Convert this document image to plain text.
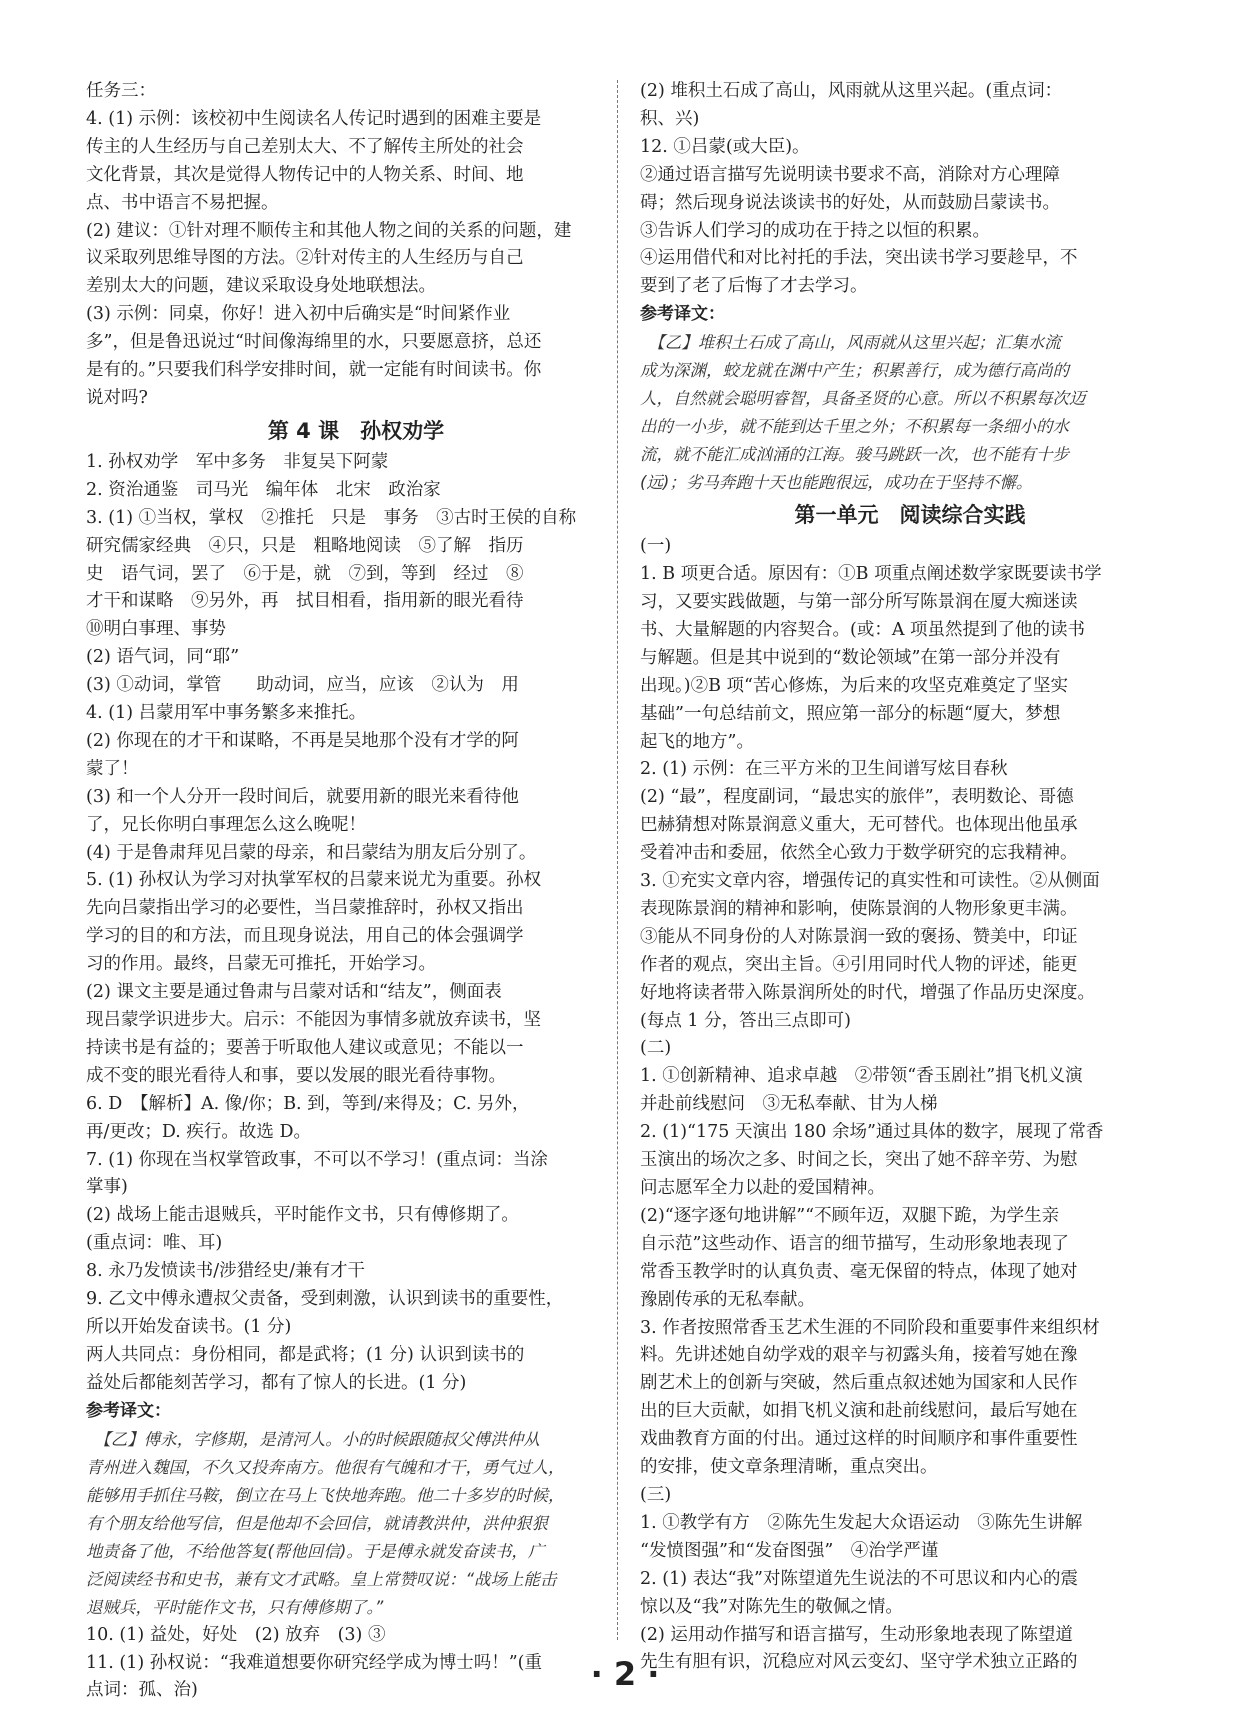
任务三：
4. (1) 示例：该校初中生阅读名人传记时遇到的困难主要是
传主的人生经历与自己差别太大、不了解传主所处的社会
文化背景，其次是觉得人物传记中的人物关系、时间、地
点、书中语言不易把握。
(2) 建议：①针对理不顺传主和其他人物之间的关系的问题，建
议采取列思维导图的方法。②针对传主的人生经历与自己
差别太大的问题，建议采取设身处地联想法。
(3) 示例：同桌，你好！进入初中后确实是“时间紧作业
多”，但是鲁迅说过“时间像海绵里的水，只要愿意挤，总还
是有的。”只要我们科学安排时间，就一定能有时间读书。你
说对吗?
第 4 课　孙权劝学
1. 孙权劝学　军中多务　非复吴下阿蒙
2. 资治通鉴　司马光　编年体　北宋　政治家
3. (1) ①当权，掌权　②推托　只是　事务　③古时王侯的自称
研究儒家经典　④只，只是　粗略地阅读　⑤了解　指历
史　语气词，罢了　⑥于是，就　⑦到，等到　经过　⑧
才干和谋略　⑨另外，再　拭目相看，指用新的眼光看待
⑩明白事理、事势
(2) 语气词，同“耶”
(3) ①动词，掌管　　助动词，应当，应该　②认为　用
4. (1) 吕蒙用军中事务繁多来推托。
(2) 你现在的才干和谋略，不再是吴地那个没有才学的阿
蒙了！
(3) 和一个人分开一段时间后，就要用新的眼光来看待他
了，兄长你明白事理怎么这么晚呢！
(4) 于是鲁肃拜见吕蒙的母亲，和吕蒙结为朋友后分别了。
5. (1) 孙权认为学习对执掌军权的吕蒙来说尤为重要。孙权
先向吕蒙指出学习的必要性，当吕蒙推辞时，孙权又指出
学习的目的和方法，而且现身说法，用自己的体会强调学
习的作用。最终，吕蒙无可推托，开始学习。
(2) 课文主要是通过鲁肃与吕蒙对话和“结友”，侧面表
现吕蒙学识进步大。启示：不能因为事情多就放弃读书，坚
持读书是有益的；要善于听取他人建议或意见；不能以一
成不变的眼光看待人和事，要以发展的眼光看待事物。
6. D　【解析】A. 像/你；B. 到，等到/来得及；C. 另外，
再/更改；D. 疾行。故选 D。
7. (1) 你现在当权掌管政事，不可以不学习！(重点词：当涂
掌事)
(2) 战场上能击退贼兵，平时能作文书，只有傅修期了。
(重点词：唯、耳)
8. 永乃发愤读书/涉猎经史/兼有才干
9. 乙文中傅永遭叔父责备，受到刺激，认识到读书的重要性，
所以开始发奋读书。(1 分)
两人共同点：身份相同，都是武将；(1 分) 认识到读书的
益处后都能刻苦学习，都有了惊人的长进。(1 分)
参考译文：
　【乙】傅永，字修期，是清河人。小的时候跟随叔父傅洪仲从
青州进入魏国，不久又投奔南方。他很有气魄和才干，勇气过人，
能够用手抓住马鞍，倒立在马上飞快地奔跑。他二十多岁的时候，
有个朋友给他写信，但是他却不会回信，就请教洪仲，洪仲狠狠
地责备了他，不给他答复(帮他回信)。于是傅永就发奋读书，广
泛阅读经书和史书，兼有文才武略。皇上常赞叹说：“战场上能击
退贼兵，平时能作文书，只有傅修期了。”
10. (1) 益处，好处　(2) 放弃　(3) ③
11. (1) 孙权说：“我难道想要你研究经学成为博士吗！”(重
点词：孤、治)
(2) 堆积土石成了高山，风雨就从这里兴起。(重点词：
积、兴)
12. ①吕蒙(或大臣)。
②通过语言描写先说明读书要求不高，消除对方心理障
碍；然后现身说法谈读书的好处，从而鼓励吕蒙读书。
③告诉人们学习的成功在于持之以恒的积累。
④运用借代和对比衬托的手法，突出读书学习要趁早，不
要到了老了后悔了才去学习。
参考译文：
　【乙】堆积土石成了高山，风雨就从这里兴起；汇集水流
成为深渊，蛟龙就在渊中产生；积累善行，成为德行高尚的
人，自然就会聪明睿智，具备圣贤的心意。所以不积累每次迈
出的一小步，就不能到达千里之外；不积累每一条细小的水
流，就不能汇成汹涌的江海。骏马跳跃一次，也不能有十步
(远)；劣马奔跑十天也能跑很远，成功在于坚持不懈。
第一单元　阅读综合实践
(一)
1. B 项更合适。原因有：①B 项重点阐述数学家既要读书学
习，又要实践做题，与第一部分所写陈景润在厦大痴迷读
书、大量解题的内容契合。(或：A 项虽然提到了他的读书
与解题。但是其中说到的“数论领域”在第一部分并没有
出现。)②B 项“苦心修炼，为后来的攻坚克难奠定了坚实
基础”一句总结前文，照应第一部分的标题“厦大，梦想
起飞的地方”。
2. (1) 示例：在三平方米的卫生间谱写炫目春秋
(2) “最”，程度副词，“最忠实的旅伴”，表明数论、哥德
巴赫猜想对陈景润意义重大，无可替代。也体现出他虽承
受着冲击和委屈，依然全心致力于数学研究的忘我精神。
3. ①充实文章内容，增强传记的真实性和可读性。②从侧面
表现陈景润的精神和影响，使陈景润的人物形象更丰满。
③能从不同身份的人对陈景润一致的褒扬、赞美中，印证
作者的观点，突出主旨。④引用同时代人物的评述，能更
好地将读者带入陈景润所处的时代，增强了作品历史深度。
(每点 1 分，答出三点即可)
(二)
1. ①创新精神、追求卓越　②带领“香玉剧社”捐飞机义演
并赴前线慰问　③无私奉献、甘为人梯
2. (1)“175 天演出 180 余场”通过具体的数字，展现了常香
玉演出的场次之多、时间之长，突出了她不辞辛劳、为慰
问志愿军全力以赴的爱国精神。
(2)“逐字逐句地讲解”“不顾年迈，双腿下跪，为学生亲
自示范”这些动作、语言的细节描写，生动形象地表现了
常香玉教学时的认真负责、毫无保留的特点，体现了她对
豫剧传承的无私奉献。
3. 作者按照常香玉艺术生涯的不同阶段和重要事件来组织材
料。先讲述她自幼学戏的艰辛与初露头角，接着写她在豫
剧艺术上的创新与突破，然后重点叙述她为国家和人民作
出的巨大贡献，如捐飞机义演和赴前线慰问，最后写她在
戏曲教育方面的付出。通过这样的时间顺序和事件重要性
的安排，使文章条理清晰，重点突出。
(三)
1. ①教学有方　②陈先生发起大众语运动　③陈先生讲解
“发愤图强”和“发奋图强”　④治学严谨
2. (1) 表达“我”对陈望道先生说法的不可思议和内心的震
惊以及“我”对陈先生的敬佩之情。
(2) 运用动作描写和语言描写，生动形象地表现了陈望道
先生有胆有识，沉稳应对风云变幻、坚守学术独立正路的
· 2 ·
